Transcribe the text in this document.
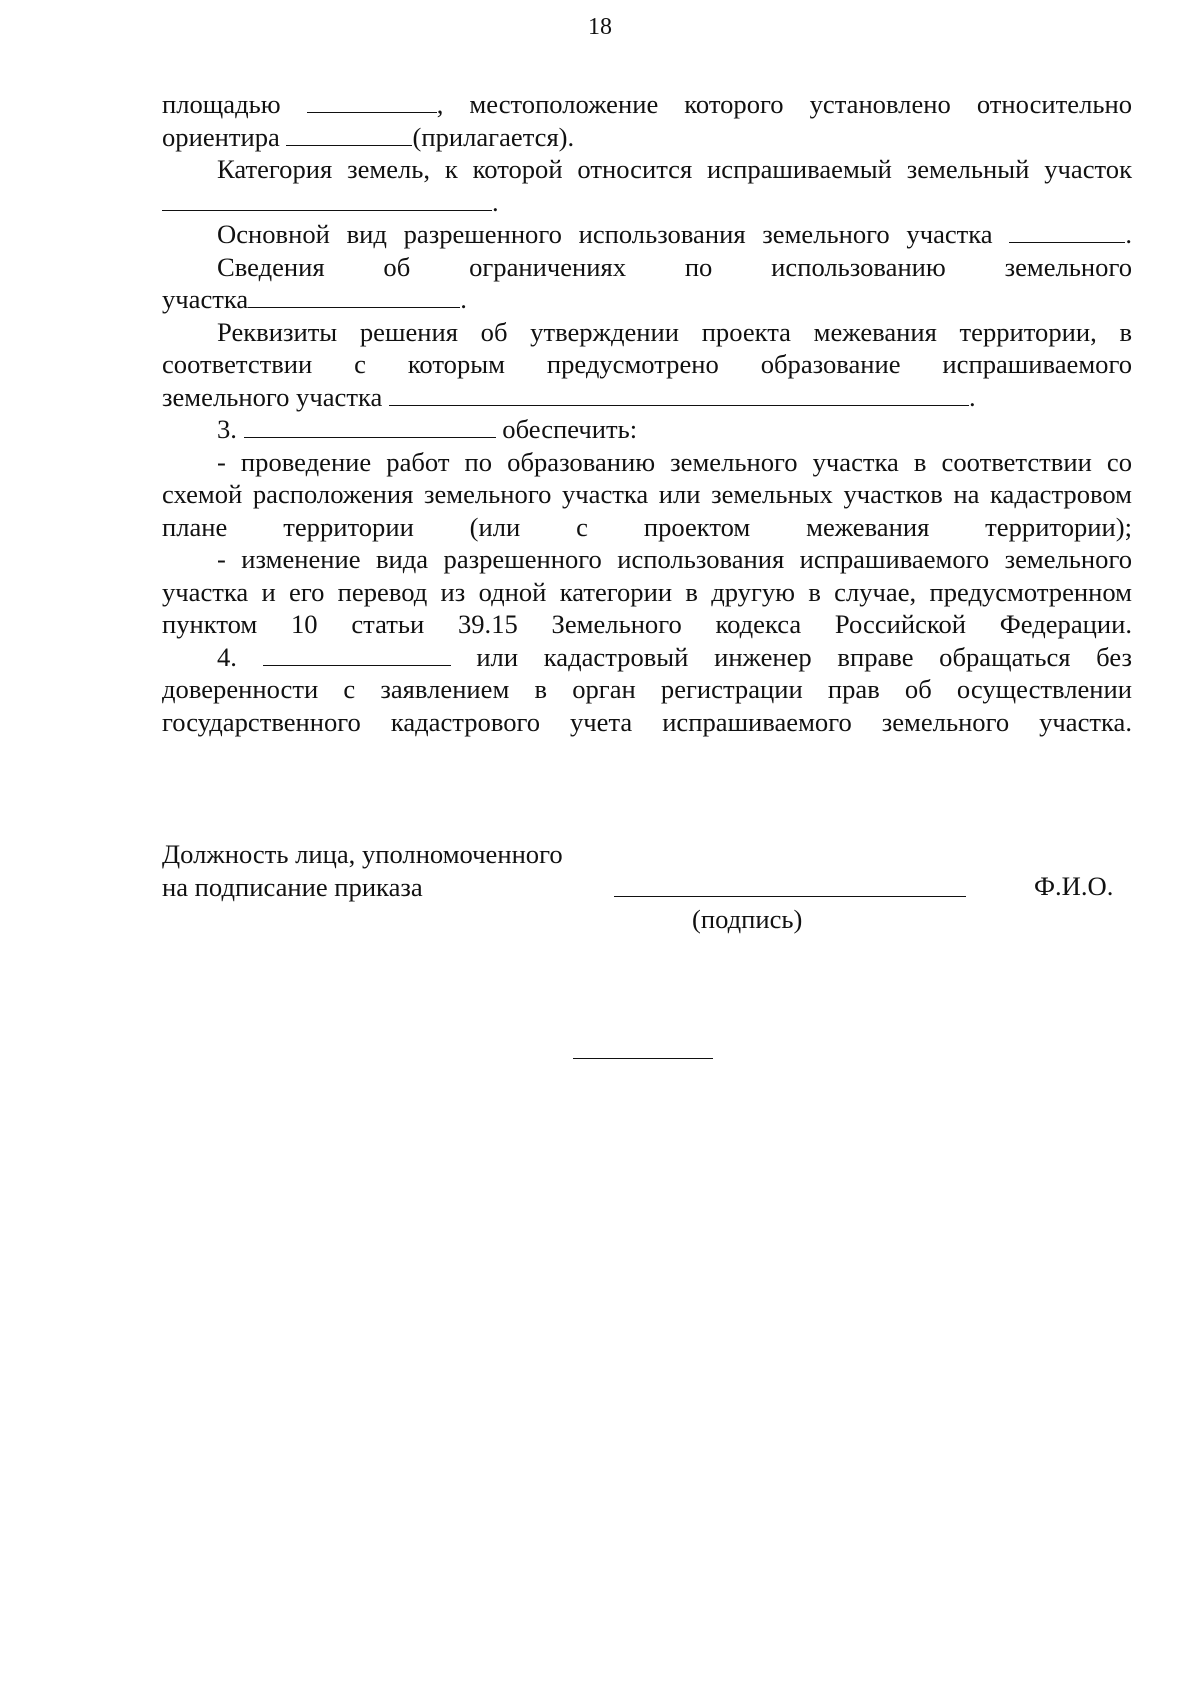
18

площадью	, местоположение которого установлено относительно

ориентира	(прилагается).

Категория земель, к которой относится испрашиваемый земельный участок

.

Основной вид разрешенного использования земельного участка	.

Сведения об ограничениях по использованию земельного

участка	.

Реквизиты решения об утверждении проекта межевания территории, в соответствии с которым предусмотрено образование испрашиваемого

земельного участка	.

3.	обеспечить:

- проведение работ по образованию земельного участка в соответствии со схемой расположения земельного участка или земельных участков на кадастровом плане территории (или с проектом межевания территории);

- изменение вида разрешенного использования испрашиваемого земельного участка и его перевод из одной категории в другую в случае, предусмотренном пунктом 10 статьи 39.15 Земельного кодекса Российской Федерации.

4.	или кадастровый инженер вправе обращаться без доверенности с заявлением в орган регистрации прав об осуществлении государственного кадастрового учета испрашиваемого земельного участка.

Должность лица, уполномоченного
на подписание приказа
(подпись)
Ф.И.О.
